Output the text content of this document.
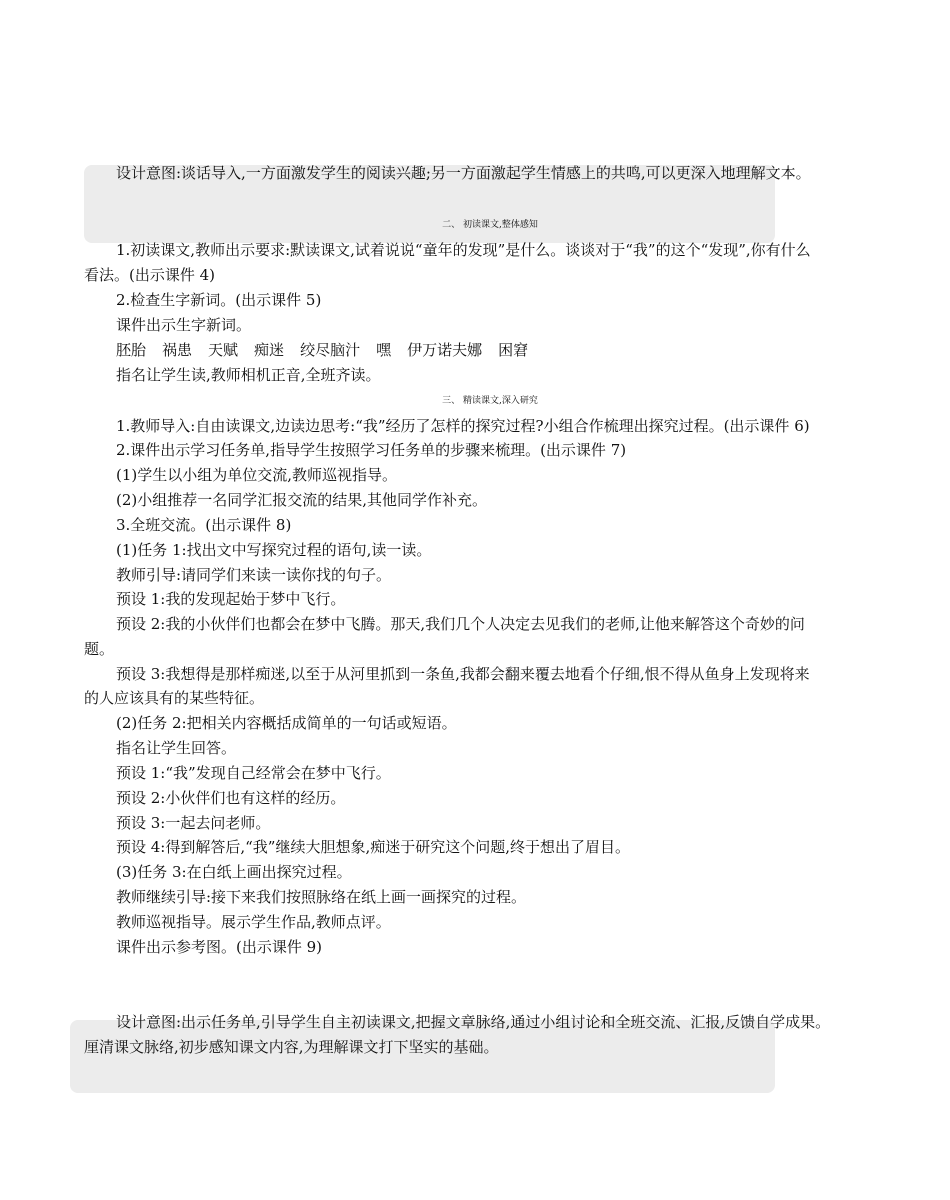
设计意图:谈话导入,一方面激发学生的阅读兴趣;另一方面激起学生情感上的共鸣,可以更深入地理解文本。
二、 初读课文,整体感知
1.初读课文,教师出示要求:默读课文,试着说说“童年的发现”是什么。谈谈对于“我”的这个“发现”,你有什么
看法。(出示课件 4)
2.检查生字新词。(出示课件 5)
课件出示生字新词。
胚胎 祸患 天赋 痴迷 绞尽脑汁 嘿 伊万诺夫娜 困窘
指名让学生读,教师相机正音,全班齐读。
三、 精读课文,深入研究
1.教师导入:自由读课文,边读边思考:“我”经历了怎样的探究过程?小组合作梳理出探究过程。(出示课件 6)
2.课件出示学习任务单,指导学生按照学习任务单的步骤来梳理。(出示课件 7)
(1)学生以小组为单位交流,教师巡视指导。
(2)小组推荐一名同学汇报交流的结果,其他同学作补充。
3.全班交流。(出示课件 8)
(1)任务 1:找出文中写探究过程的语句,读一读。
教师引导:请同学们来读一读你找的句子。
预设 1:我的发现起始于梦中飞行。
预设 2:我的小伙伴们也都会在梦中飞腾。那天,我们几个人决定去见我们的老师,让他来解答这个奇妙的问
题。
预设 3:我想得是那样痴迷,以至于从河里抓到一条鱼,我都会翻来覆去地看个仔细,恨不得从鱼身上发现将来
的人应该具有的某些特征。
(2)任务 2:把相关内容概括成简单的一句话或短语。
指名让学生回答。
预设 1:“我”发现自己经常会在梦中飞行。
预设 2:小伙伴们也有这样的经历。
预设 3:一起去问老师。
预设 4:得到解答后,“我”继续大胆想象,痴迷于研究这个问题,终于想出了眉目。
(3)任务 3:在白纸上画出探究过程。
教师继续引导:接下来我们按照脉络在纸上画一画探究的过程。
教师巡视指导。展示学生作品,教师点评。
课件出示参考图。(出示课件 9)
设计意图:出示任务单,引导学生自主初读课文,把握文章脉络,通过小组讨论和全班交流、汇报,反馈自学成果。
厘清课文脉络,初步感知课文内容,为理解课文打下坚实的基础。
